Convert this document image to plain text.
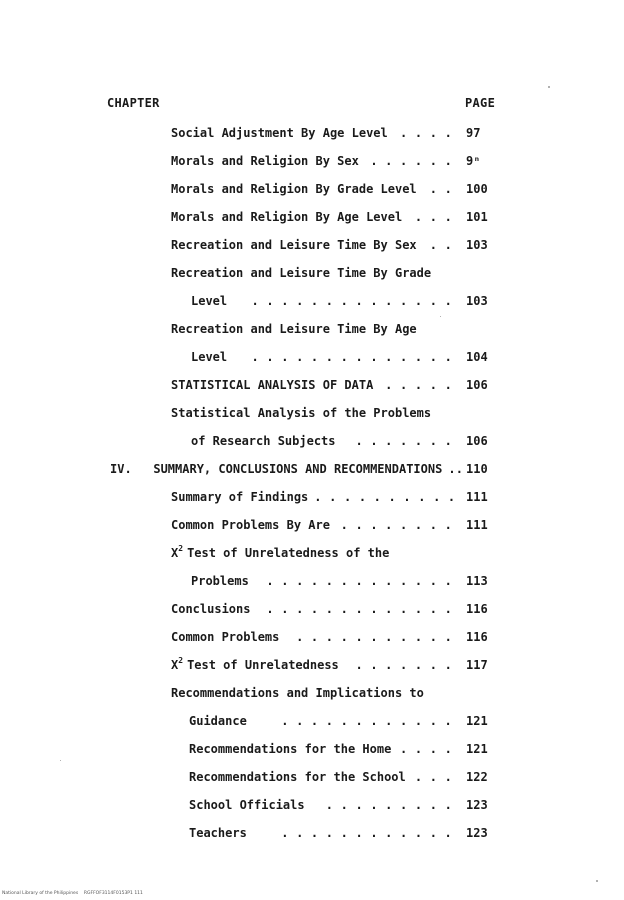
CHAPTER	PAGE
Social Adjustment By Age Level . . . . 97
Morals and Religion By Sex . . . . . . 9ⁿ
Morals and Religion By Grade Level . . 100
Morals and Religion By Age Level . . . 101
Recreation and Leisure Time By Sex . . 103
Recreation and Leisure Time By Grade
Level . . . . . . . . . . . . . . 103
Recreation and Leisure Time By Age
Level . . . . . . . . . . . . . . 104
STATISTICAL ANALYSIS OF DATA . . . . . 106
Statistical Analysis of the Problems
of Research Subjects . . . . . . . 106
IV.   SUMMARY, CONCLUSIONS AND RECOMMENDATIONS .. 110
Summary of Findings . . . . . . . . . . 111
Common Problems By Are . . . . . . . . 111
$X^2$ Test of Unrelatedness of the
Problems . . . . . . . . . . . . . 113
Conclusions . . . . . . . . . . . . . 116
Common Problems . . . . . . . . . . . 116
$X^2$ Test of Unrelatedness . . . . . . . 117
Recommendations and Implications to
Guidance	. . . . . . . . . . . . 121
Recommendations for the Home . . . . 121
Recommendations for the School . . . 122
School Officials . . . . . . . . . 123
Teachers	. . . . . . . . . . . . 123
National Library of the Philippines    RGFFOF3114F0153P1 111
